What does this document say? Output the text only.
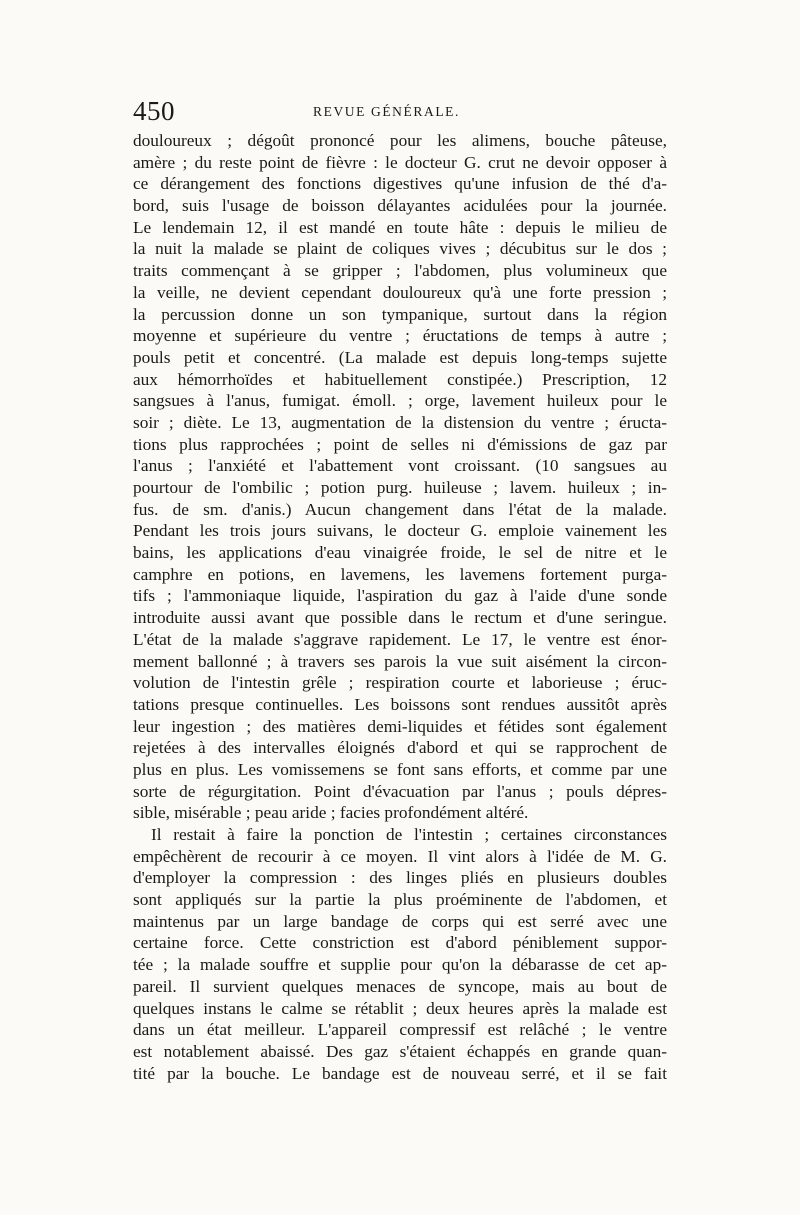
450	REVUE GÉNÉRALE.
douloureux ; dégoût prononcé pour les alimens, bouche pâteuse,
amère ; du reste point de fièvre : le docteur G. crut ne devoir opposer à
ce dérangement des fonctions digestives qu'une infusion de thé d'a-
bord, suis l'usage de boisson délayantes acidulées pour la journée.
Le lendemain 12, il est mandé en toute hâte : depuis le milieu de
la nuit la malade se plaint de coliques vives ; décubitus sur le dos ;
traits commençant à se gripper ; l'abdomen, plus volumineux que
la veille, ne devient cependant douloureux qu'à une forte pression ;
la percussion donne un son tympanique, surtout dans la région
moyenne et supérieure du ventre ; éructations de temps à autre ;
pouls petit et concentré. (La malade est depuis long-temps sujette
aux hémorrhoïdes et habituellement constipée.) Prescription, 12
sangsues à l'anus, fumigat. émoll. ; orge, lavement huileux pour le
soir ; diète. Le 13, augmentation de la distension du ventre ; éructa-
tions plus rapprochées ; point de selles ni d'émissions de gaz par
l'anus ; l'anxiété et l'abattement vont croissant. (10 sangsues au
pourtour de l'ombilic ; potion purg. huileuse ; lavem. huileux ; in-
fus. de sm. d'anis.) Aucun changement dans l'état de la malade.
Pendant les trois jours suivans, le docteur G. emploie vainement les
bains, les applications d'eau vinaigrée froide, le sel de nitre et le
camphre en potions, en lavemens, les lavemens fortement purga-
tifs ; l'ammoniaque liquide, l'aspiration du gaz à l'aide d'une sonde
introduite aussi avant que possible dans le rectum et d'une seringue.
L'état de la malade s'aggrave rapidement. Le 17, le ventre est énor-
mement ballonné ; à travers ses parois la vue suit aisément la circon-
volution de l'intestin grêle ; respiration courte et laborieuse ; éruc-
tations presque continuelles. Les boissons sont rendues aussitôt après
leur ingestion ; des matières demi-liquides et fétides sont également
rejetées à des intervalles éloignés d'abord et qui se rapprochent de
plus en plus. Les vomissemens se font sans efforts, et comme par une
sorte de régurgitation. Point d'évacuation par l'anus ; pouls dépres-
sible, misérable ; peau aride ; facies profondément altéré.
Il restait à faire la ponction de l'intestin ; certaines circonstances
empêchèrent de recourir à ce moyen. Il vint alors à l'idée de M. G.
d'employer la compression : des linges pliés en plusieurs doubles
sont appliqués sur la partie la plus proéminente de l'abdomen, et
maintenus par un large bandage de corps qui est serré avec une
certaine force. Cette constriction est d'abord péniblement suppor-
tée ; la malade souffre et supplie pour qu'on la débarasse de cet ap-
pareil. Il survient quelques menaces de syncope, mais au bout de
quelques instans le calme se rétablit ; deux heures après la malade est
dans un état meilleur. L'appareil compressif est relâché ; le ventre
est notablement abaissé. Des gaz s'étaient échappés en grande quan-
tité par la bouche. Le bandage est de nouveau serré, et il se fait
